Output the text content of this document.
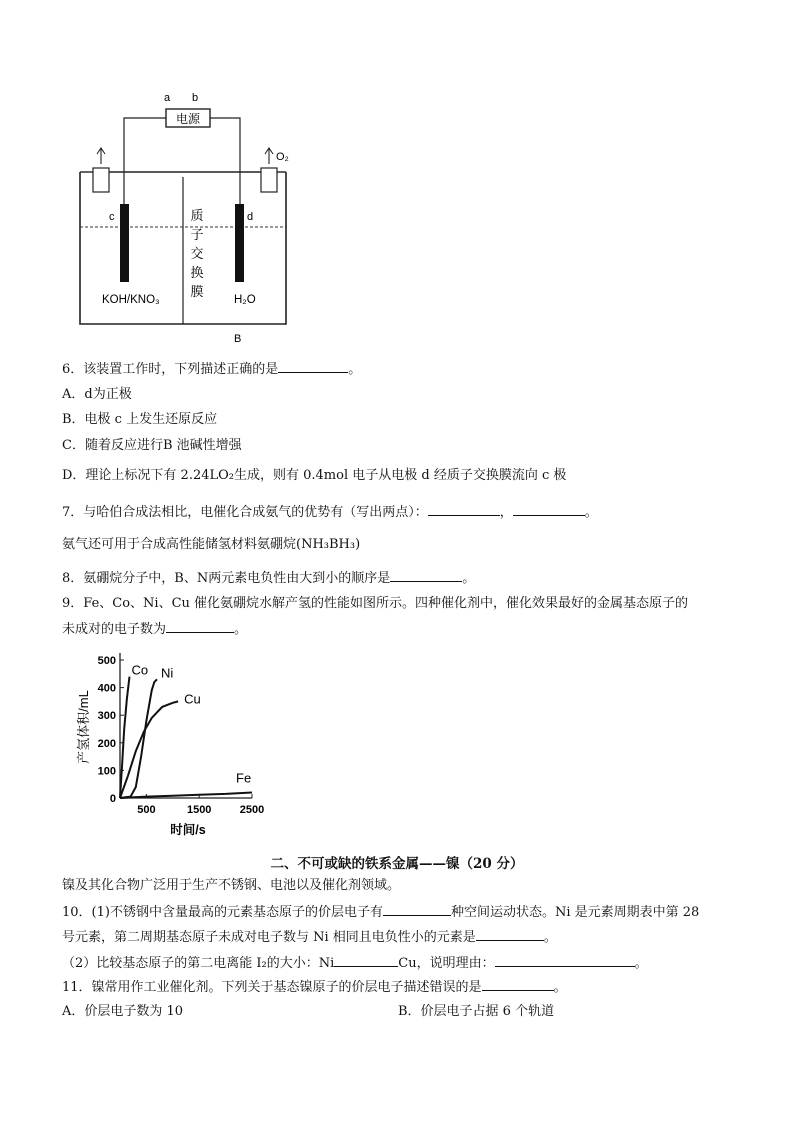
a b
电源
O₂
质
子
交
换
膜
c	d
KOH/KNO₃	H₂O
B
6．该装置工作时，下列描述正确的是	。
A．d为正极
B．电极 c 上发生还原反应
C．随着反应进行B 池碱性增强
D．理论上标况下有 2.24LO₂生成，则有 0.4mol 电子从电极 d 经质子交换膜流向 c 极
7．与哈伯合成法相比，电催化合成氨气的优势有（写出两点）：	，	。
氨气还可用于合成高性能储氢材料氨硼烷(NH₃BH₃)
8．氨硼烷分子中，B、N两元素电负性由大到小的顺序是	。
9．Fe、Co、Ni、Cu 催化氨硼烷水解产氢的性能如图所示。四种催化剂中，催化效果最好的金属基态原子的
未成对的电子数为	。
500
400
300
200
100
0
500	1500	2500
Co Ni
Cu
Fe
产氢体积/mL
时间/s
二、不可或缺的铁系金属——镍（20 分）
镍及其化合物广泛用于生产不锈钢、电池以及催化剂领域。
10．(1)不锈钢中含量最高的元素基态原子的价层电子有	种空间运动状态。Ni 是元素周期表中第 28
号元素，第二周期基态原子未成对电子数与 Ni 相同且电负性小的元素是	。
（2）比较基态原子的第二电离能 I₂的大小：Ni	Cu，说明理由：	。
11．镍常用作工业催化剂。下列关于基态镍原子的价层电子描述错误的是	。
A．价层电子数为 10	B．价层电子占据 6 个轨道
